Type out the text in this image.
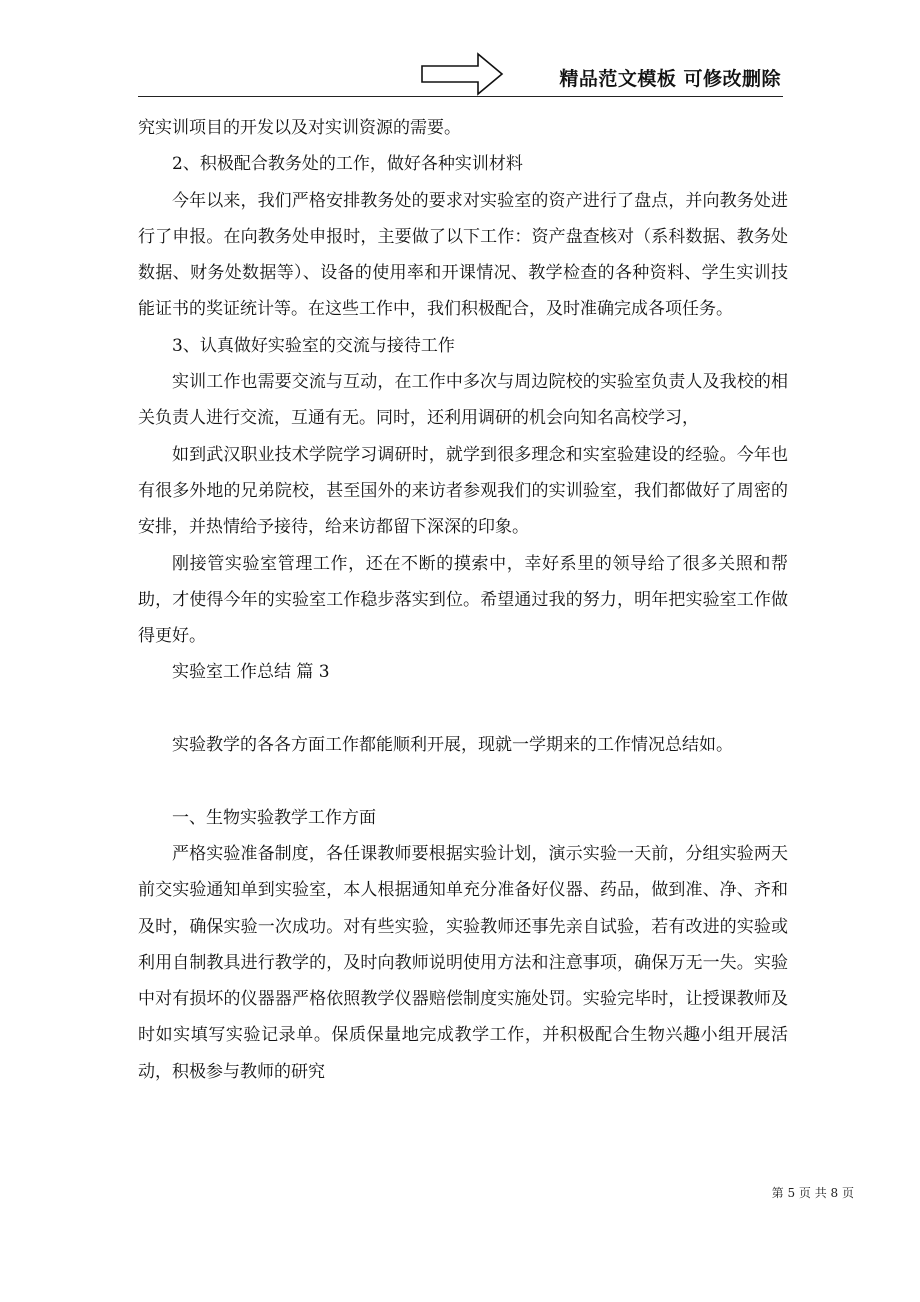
精品范文模板 可修改删除

究实训项目的开发以及对实训资源的需要。

2、积极配合教务处的工作，做好各种实训材料

今年以来，我们严格安排教务处的要求对实验室的资产进行了盘点，并向教务处进行了申报。在向教务处申报时，主要做了以下工作：资产盘查核对（系科数据、教务处数据、财务处数据等）、设备的使用率和开课情况、教学检查的各种资料、学生实训技能证书的奖证统计等。在这些工作中，我们积极配合，及时准确完成各项任务。

3、认真做好实验室的交流与接待工作

实训工作也需要交流与互动，在工作中多次与周边院校的实验室负责人及我校的相关负责人进行交流，互通有无。同时，还利用调研的机会向知名高校学习，

如到武汉职业技术学院学习调研时，就学到很多理念和实室验建设的经验。今年也有很多外地的兄弟院校，甚至国外的来访者参观我们的实训验室，我们都做好了周密的安排，并热情给予接待，给来访都留下深深的印象。

刚接管实验室管理工作，还在不断的摸索中，幸好系里的领导给了很多关照和帮助，才使得今年的实验室工作稳步落实到位。希望通过我的努力，明年把实验室工作做得更好。

实验室工作总结 篇 3

实验教学的各各方面工作都能顺利开展，现就一学期来的工作情况总结如。

一、生物实验教学工作方面

严格实验准备制度，各任课教师要根据实验计划，演示实验一天前，分组实验两天前交实验通知单到实验室，本人根据通知单充分准备好仪器、药品，做到准、净、齐和及时，确保实验一次成功。对有些实验，实验教师还事先亲自试验，若有改进的实验或利用自制教具进行教学的，及时向教师说明使用方法和注意事项，确保万无一失。实验中对有损坏的仪器器严格依照教学仪器赔偿制度实施处罚。实验完毕时，让授课教师及时如实填写实验记录单。保质保量地完成教学工作，并积极配合生物兴趣小组开展活动，积极参与教师的研究

第 5 页 共 8 页
